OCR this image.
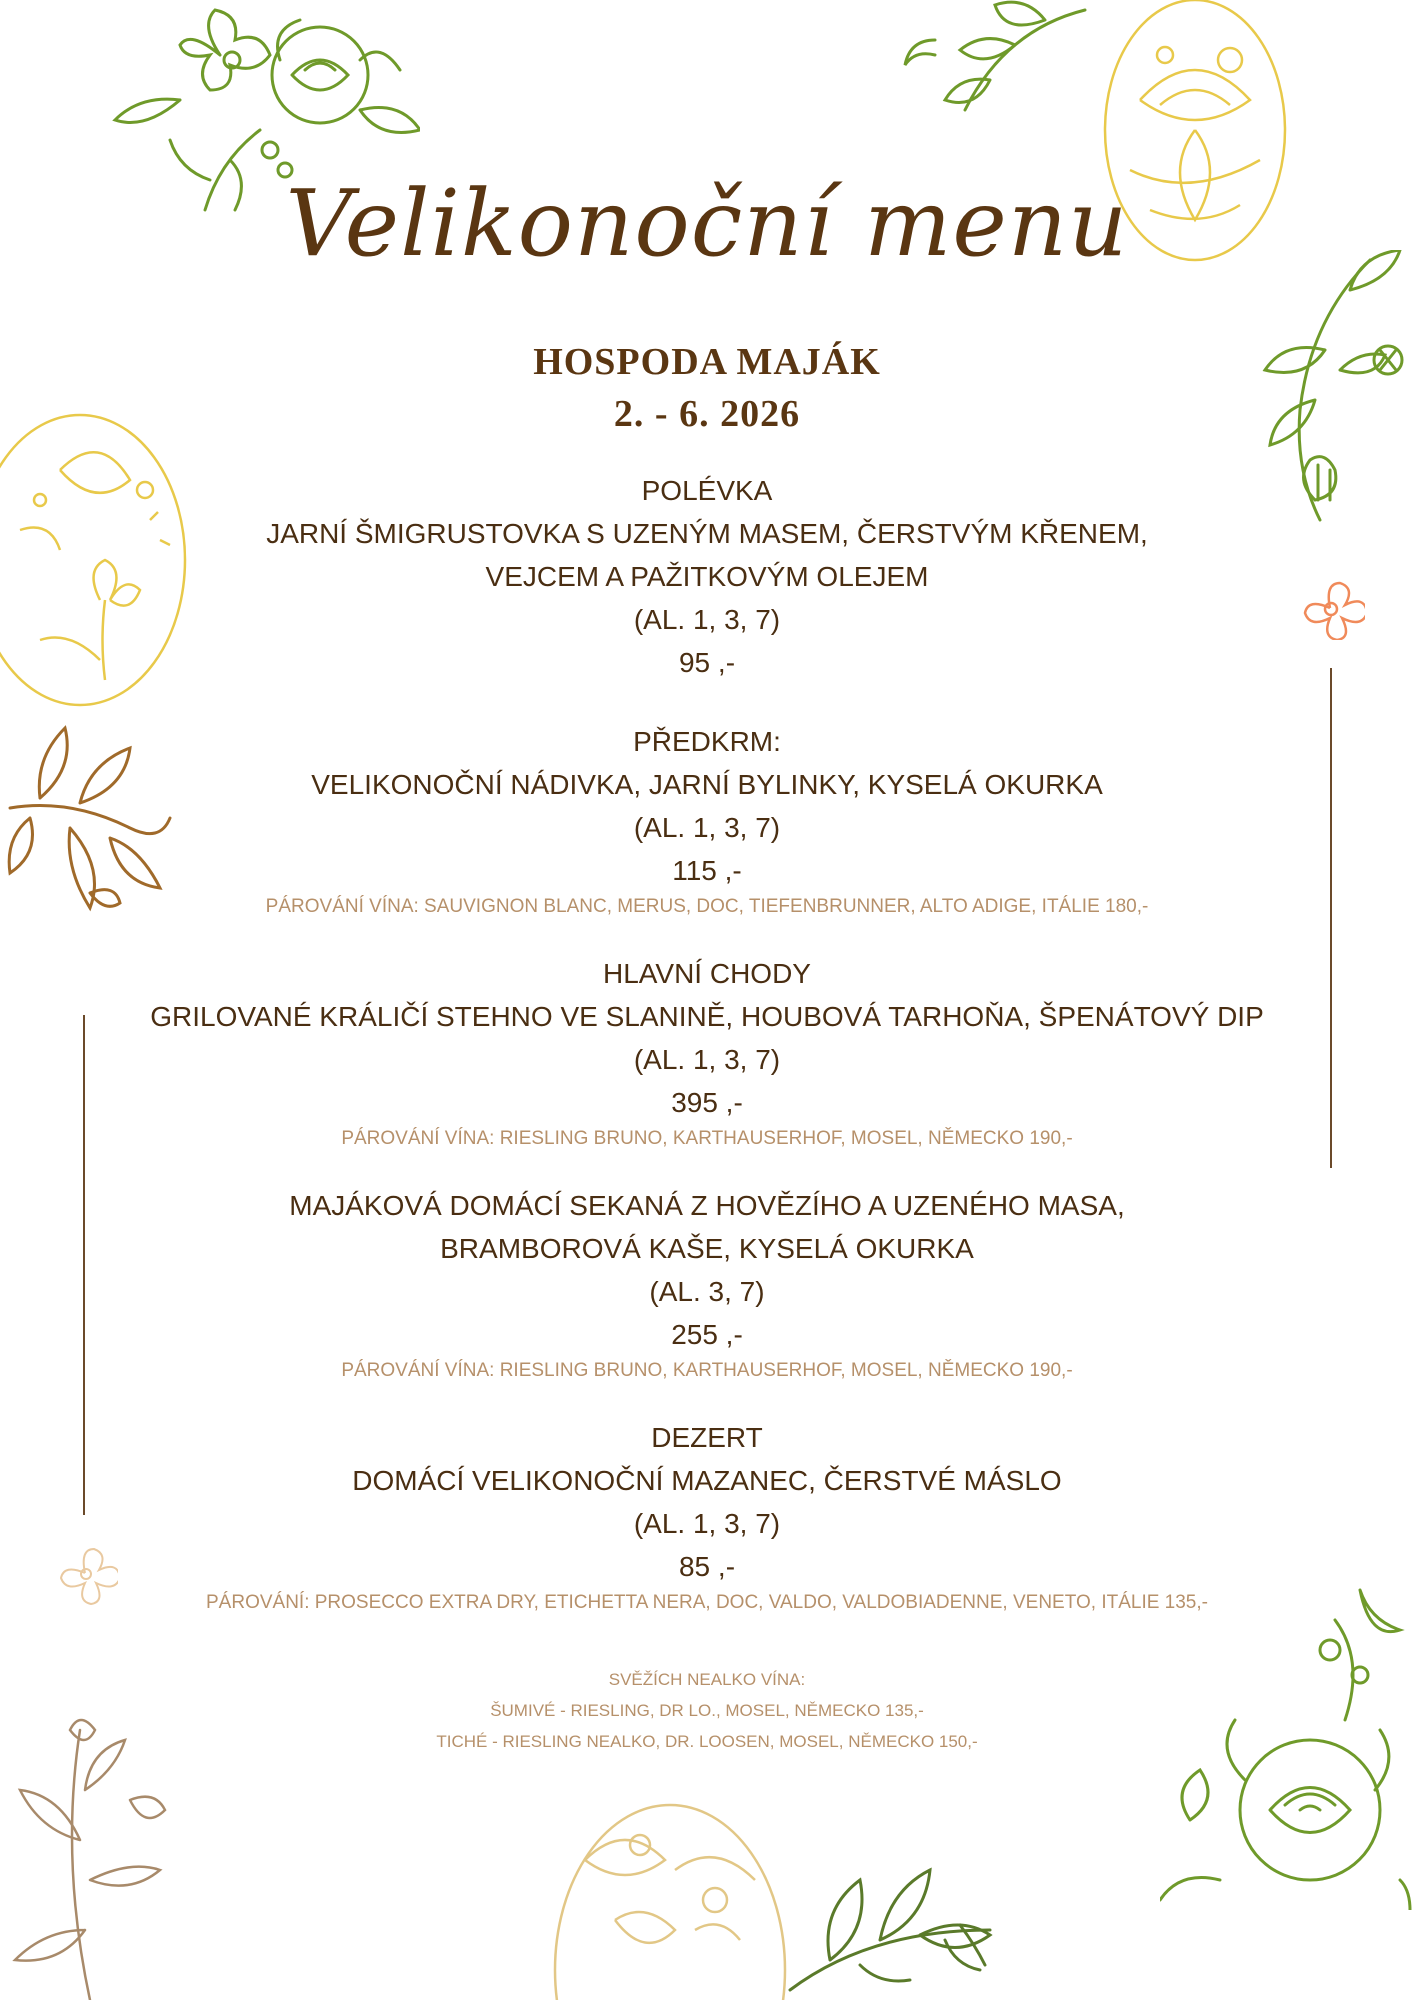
Velikonoční menu
HOSPODA MAJÁK
2. - 6. 2026
POLÉVKA
JARNÍ ŠMIGRUSTOVKA S UZENÝM MASEM, ČERSTVÝM KŘENEM,
VEJCEM A PAŽITKOVÝM OLEJEM
(AL. 1, 3, 7)
95 ,-
PŘEDKRM:
VELIKONOČNÍ NÁDIVKA, JARNÍ BYLINKY, KYSELÁ OKURKA
(AL. 1, 3, 7)
115 ,-
PÁROVÁNÍ VÍNA: SAUVIGNON BLANC, MERUS, DOC, TIEFENBRUNNER, ALTO ADIGE, ITÁLIE 180,-
HLAVNÍ CHODY
GRILOVANÉ KRÁLIČÍ STEHNO VE SLANINĚ, HOUBOVÁ TARHOŇA, ŠPENÁTOVÝ DIP
(AL. 1, 3, 7)
395 ,-
PÁROVÁNÍ VÍNA: RIESLING BRUNO, KARTHAUSERHOF, MOSEL, NĚMECKO 190,-
MAJÁKOVÁ DOMÁCÍ SEKANÁ Z HOVĚZÍHO A UZENÉHO MASA,
BRAMBOROVÁ KAŠE, KYSELÁ OKURKA
(AL. 3, 7)
255 ,-
PÁROVÁNÍ VÍNA: RIESLING BRUNO, KARTHAUSERHOF, MOSEL, NĚMECKO 190,-
DEZERT
DOMÁCÍ VELIKONOČNÍ MAZANEC, ČERSTVÉ MÁSLO
(AL. 1, 3, 7)
85 ,-
PÁROVÁNÍ: PROSECCO EXTRA DRY, ETICHETTA NERA, DOC, VALDO, VALDOBIADENNE, VENETO, ITÁLIE 135,-
SVĚŽÍCH NEALKO VÍNA:
ŠUMIVÉ - RIESLING, DR LO., MOSEL, NĚMECKO 135,-
TICHÉ - RIESLING NEALKO, DR. LOOSEN, MOSEL, NĚMECKO 150,-
